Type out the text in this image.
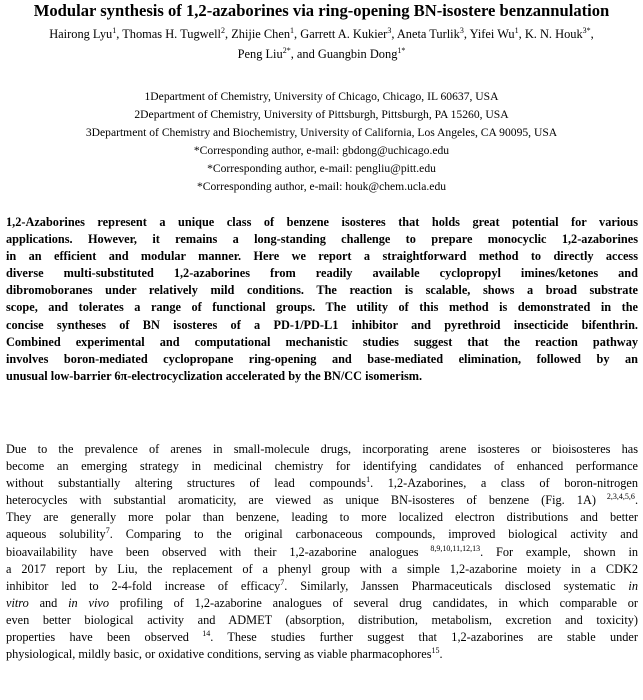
Modular synthesis of 1,2-azaborines via ring-opening BN-isostere benzannulation
Hairong Lyu$^1$, Thomas H. Tugwell$^2$, Zhijie Chen$^1$, Garrett A. Kukier$^3$, Aneta Turlik$^3$, Yifei Wu$^1$, K. N. Houk$^{3*}$,
Peng Liu$^{2*}$, and Guangbin Dong$^{1*}$
1Department of Chemistry, University of Chicago, Chicago, IL 60637, USA
2Department of Chemistry, University of Pittsburgh, Pittsburgh, PA 15260, USA
3Department of Chemistry and Biochemistry, University of California, Los Angeles, CA 90095, USA
*Corresponding author, e-mail: gbdong@uchicago.edu
*Corresponding author, e-mail: pengliu@pitt.edu
*Corresponding author, e-mail: houk@chem.ucla.edu
1,2-Azaborines represent a unique class of benzene isosteres that holds great potential for various
applications. However, it remains a long-standing challenge to prepare monocyclic 1,2-azaborines
in an efficient and modular manner. Here we report a straightforward method to directly access
diverse multi-substituted 1,2-azaborines from readily available cyclopropyl imines/ketones and
dibromoboranes under relatively mild conditions. The reaction is scalable, shows a broad substrate
scope, and tolerates a range of functional groups. The utility of this method is demonstrated in the
concise syntheses of BN isosteres of a PD-1/PD-L1 inhibitor and pyrethroid insecticide bifenthrin.
Combined experimental and computational mechanistic studies suggest that the reaction pathway
involves boron-mediated cyclopropane ring-opening and base-mediated elimination, followed by an
unusual low-barrier 6π-electrocyclization accelerated by the BN/CC isomerism.
Due to the prevalence of arenes in small-molecule drugs, incorporating arene isosteres or bioisosteres has
become an emerging strategy in medicinal chemistry for identifying candidates of enhanced performance
without substantially altering structures of lead compounds$^1$. 1,2-Azaborines, a class of boron-nitrogen
heterocycles with substantial aromaticity, are viewed as unique BN-isosteres of benzene (Fig. 1A) $^{2,3,4,5,6}$.
They are generally more polar than benzene, leading to more localized electron distributions and better
aqueous solubility$^7$. Comparing to the original carbonaceous compounds, improved biological activity and
bioavailability have been observed with their 1,2-azaborine analogues $^{8,9,10,11,12,13}$. For example, shown in
a 2017 report by Liu, the replacement of a phenyl group with a simple 1,2-azaborine moiety in a CDK2
inhibitor led to 2-4-fold increase of efficacy$^7$. Similarly, Janssen Pharmaceuticals disclosed systematic in
vitro and in vivo profiling of 1,2-azaborine analogues of several drug candidates, in which comparable or
even better biological activity and ADMET (absorption, distribution, metabolism, excretion and toxicity)
properties have been observed $^{14}$. These studies further suggest that 1,2-azaborines are stable under
physiological, mildly basic, or oxidative conditions, serving as viable pharmacophores$^{15}$.
